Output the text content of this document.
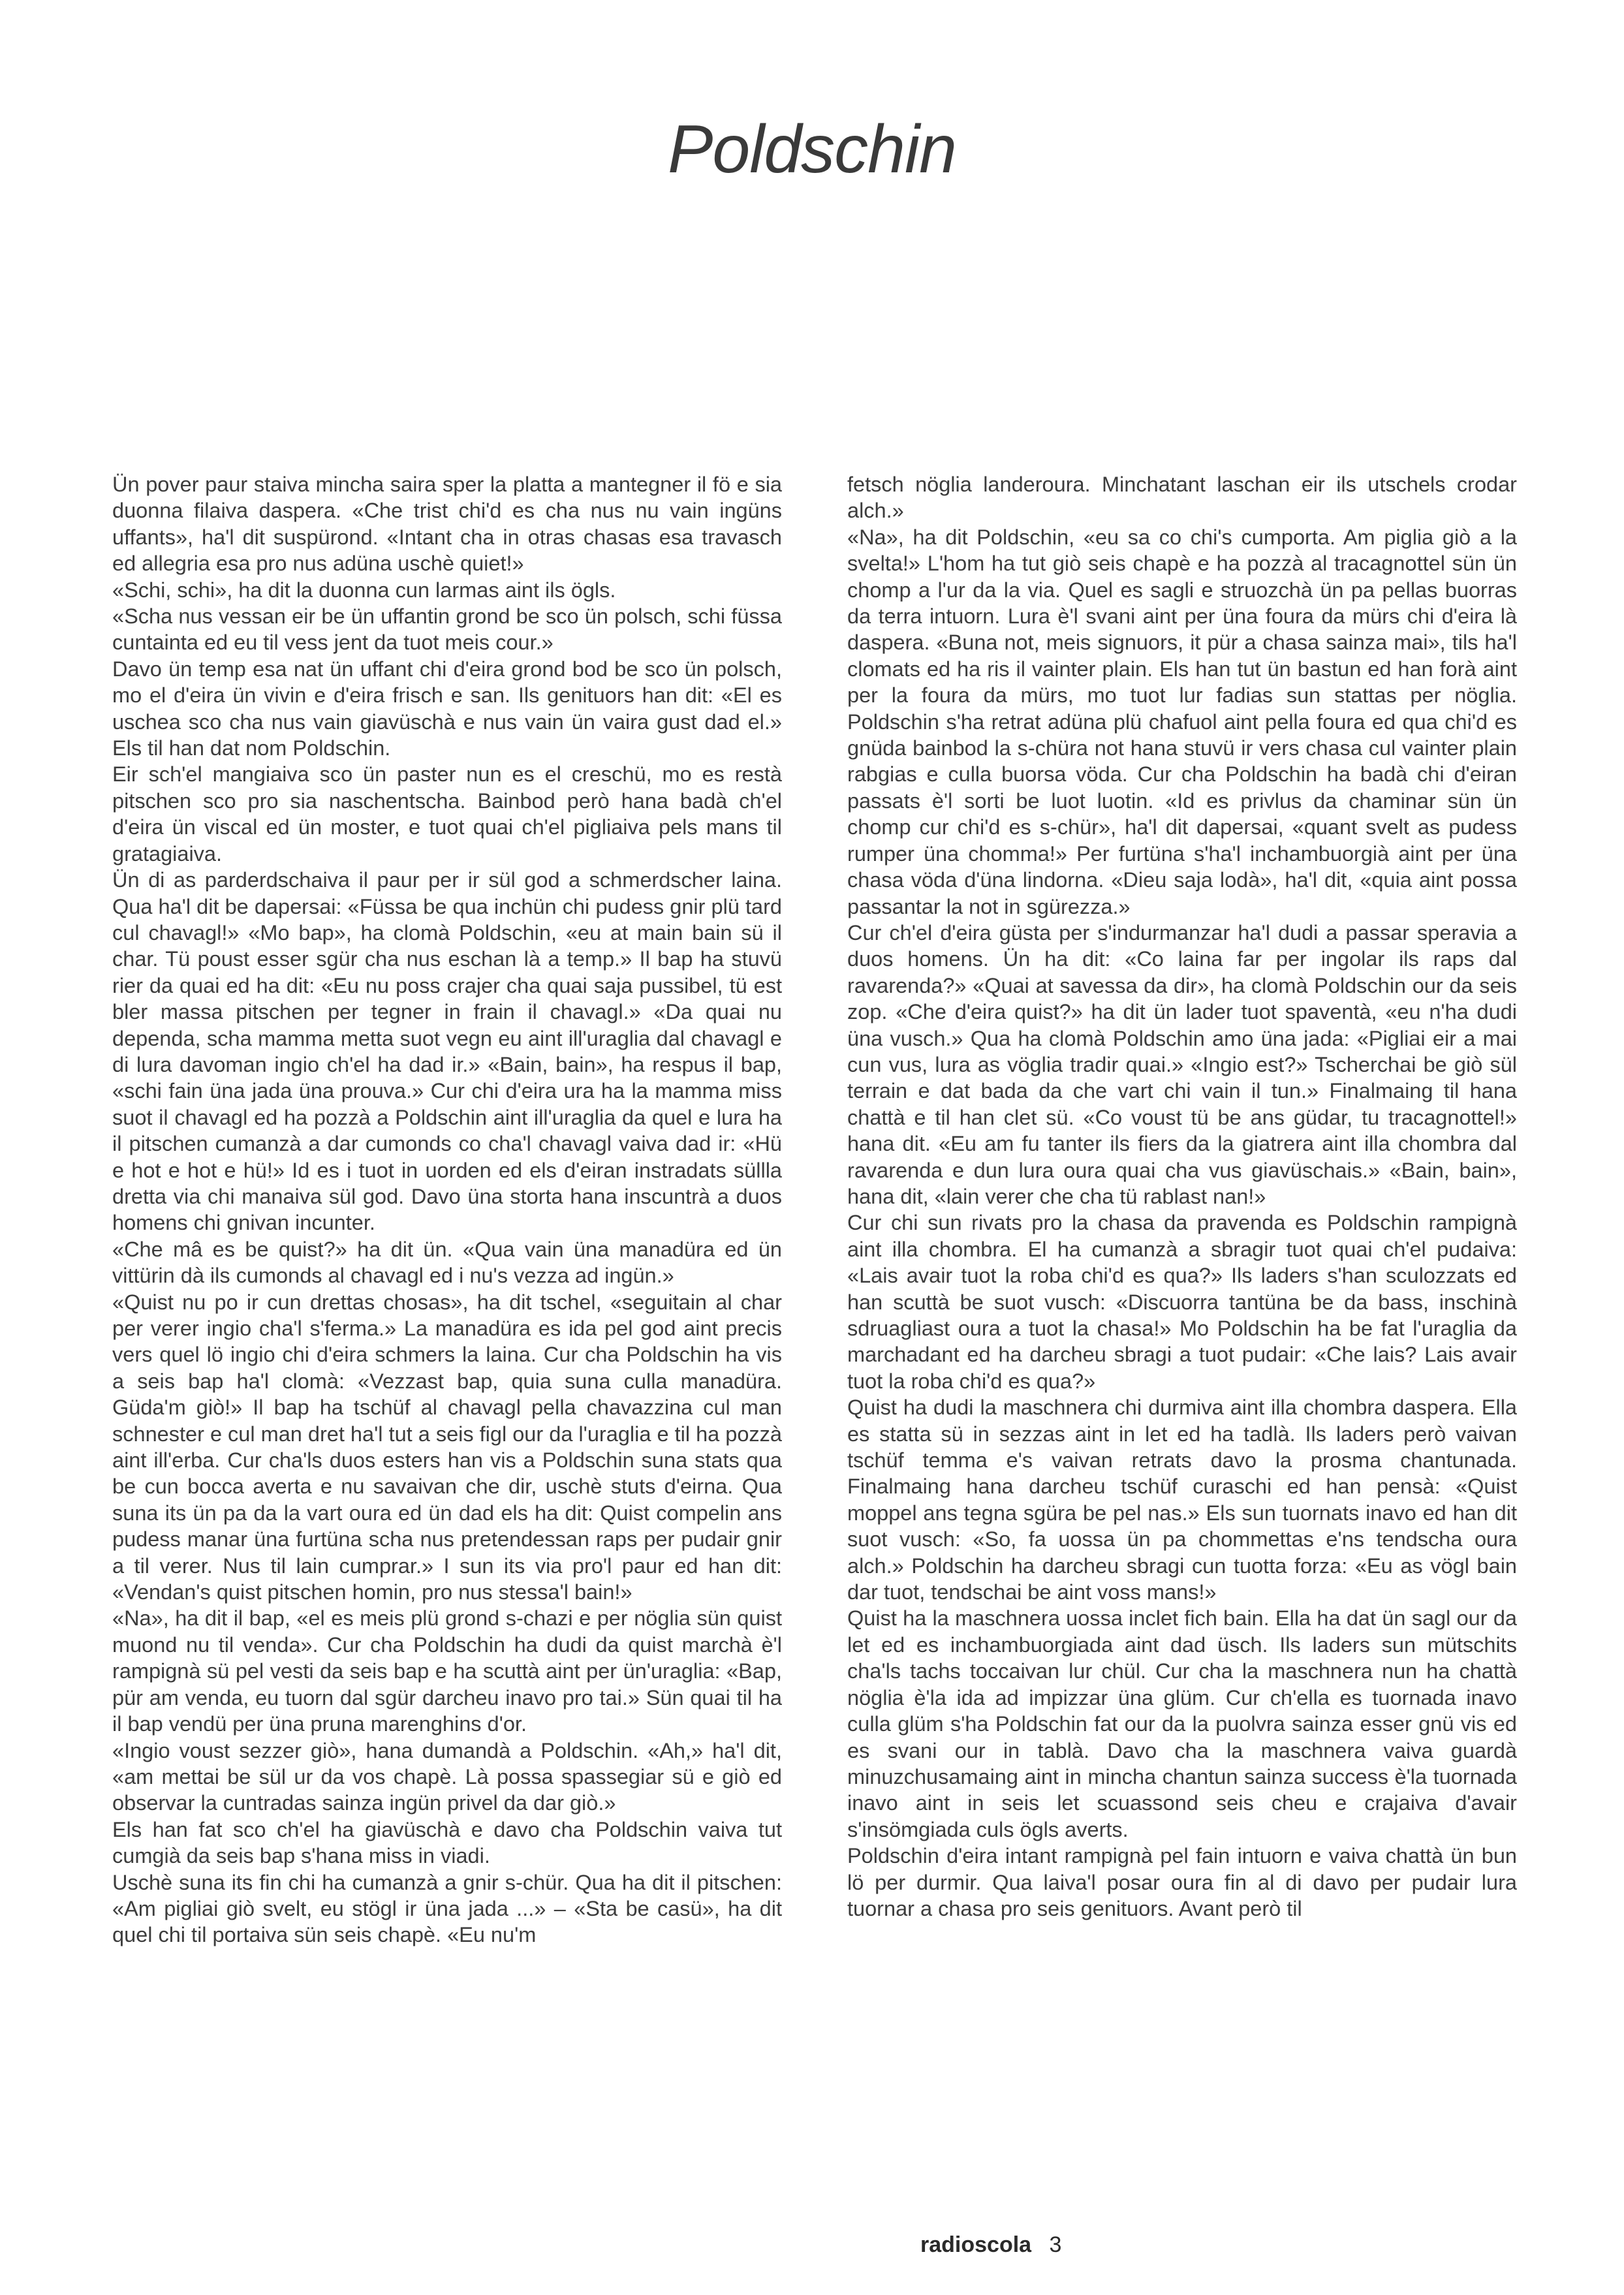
Poldschin

Ün pover paur staiva mincha saira sper la platta a mantegner il fö e sia duonna filaiva daspera. «Che trist chi'd es cha nus nu vain ingüns uffants», ha'l dit suspürond. «Intant cha in otras chasas esa travasch ed allegria esa pro nus adüna uschè quiet!»

«Schi, schi», ha dit la duonna cun larmas aint ils ögls.

«Scha nus vessan eir be ün uffantin grond be sco ün polsch, schi füssa cuntainta ed eu til vess jent da tuot meis cour.»

Davo ün temp esa nat ün uffant chi d'eira grond bod be sco ün polsch, mo el d'eira ün vivin e d'eira frisch e san. Ils genituors han dit: «El es uschea sco cha nus vain giavüschà e nus vain ün vaira gust dad el.» Els til han dat nom Poldschin.

Eir sch'el mangiaiva sco ün paster nun es el creschü, mo es restà pitschen sco pro sia naschentscha. Bainbod però hana badà ch'el d'eira ün viscal ed ün moster, e tuot quai ch'el pigliaiva pels mans til gratagiaiva.

Ün di as parderdschaiva il paur per ir sül god a schmerdscher laina. Qua ha'l dit be dapersai: «Füssa be qua inchün chi pudess gnir plü tard cul chavagl!» «Mo bap», ha clomà Poldschin, «eu at main bain sü il char. Tü poust esser sgür cha nus eschan là a temp.» Il bap ha stuvü rier da quai ed ha dit: «Eu nu poss crajer cha quai saja pussibel, tü est bler massa pitschen per tegner in frain il chavagl.» «Da quai nu dependa, scha mamma metta suot vegn eu aint ill'uraglia dal chavagl e di lura davoman ingio ch'el ha dad ir.» «Bain, bain», ha respus il bap, «schi fain üna jada üna prouva.» Cur chi d'eira ura ha la mamma miss suot il chavagl ed ha pozzà a Poldschin aint ill'uraglia da quel e lura ha il pitschen cumanzà a dar cumonds co cha'l chavagl vaiva dad ir: «Hü e hot e hot e hü!» Id es i tuot in uorden ed els d'eiran instradats süllla dretta via chi manaiva sül god. Davo üna storta hana inscuntrà a duos homens chi gnivan incunter.

«Che mâ es be quist?» ha dit ün. «Qua vain üna manadüra ed ün vittürin dà ils cumonds al chavagl ed i nu's vezza ad ingün.»

«Quist nu po ir cun drettas chosas», ha dit tschel, «seguitain al char per verer ingio cha'l s'ferma.» La manadüra es ida pel god aint precis vers quel lö ingio chi d'eira schmers la laina. Cur cha Poldschin ha vis a seis bap ha'l clomà: «Vezzast bap, quia suna culla manadüra. Güda'm giò!» Il bap ha tschüf al chavagl pella chavazzina cul man schnester e cul man dret ha'l tut a seis figl our da l'uraglia e til ha pozzà aint ill'erba. Cur cha'ls duos esters han vis a Poldschin suna stats qua be cun bocca averta e nu savaivan che dir, uschè stuts d'eirna. Qua suna its ün pa da la vart oura ed ün dad els ha dit: Quist compelin ans pudess manar üna furtüna scha nus pretendessan raps per pudair gnir a til verer. Nus til lain cumprar.» I sun its via pro'l paur ed han dit: «Vendan's quist pitschen homin, pro nus stessa'l bain!»

«Na», ha dit il bap, «el es meis plü grond s-chazi e per nöglia sün quist muond nu til venda». Cur cha Poldschin ha dudi da quist marchà è'l rampignà sü pel vesti da seis bap e ha scuttà aint per ün'uraglia: «Bap, pür am venda, eu tuorn dal sgür darcheu inavo pro tai.» Sün quai til ha il bap vendü per üna pruna marenghins d'or.

«Ingio voust sezzer giò», hana dumandà a Poldschin. «Ah,» ha'l dit, «am mettai be sül ur da vos chapè. Là possa spassegiar sü e giò ed observar la cuntradas sainza ingün privel da dar giò.»

Els han fat sco ch'el ha giavüschà e davo cha Poldschin vaiva tut cumgià da seis bap s'hana miss in viadi.

Uschè suna its fin chi ha cumanzà a gnir s-chür. Qua ha dit il pitschen: «Am pigliai giò svelt, eu stögl ir üna jada ...» – «Sta be casü», ha dit quel chi til portaiva sün seis chapè. «Eu nu'm

fetsch nöglia landeroura. Minchatant laschan eir ils utschels crodar alch.»

«Na», ha dit Poldschin, «eu sa co chi's cumporta. Am piglia giò a la svelta!» L'hom ha tut giò seis chapè e ha pozzà al tracagnottel sün ün chomp a l'ur da la via. Quel es sagli e struozchà ün pa pellas buorras da terra intuorn. Lura è'l svani aint per üna foura da mürs chi d'eira là daspera. «Buna not, meis signuors, it pür a chasa sainza mai», tils ha'l clomats ed ha ris il vainter plain. Els han tut ün bastun ed han forà aint per la foura da mürs, mo tuot lur fadias sun stattas per nöglia. Poldschin s'ha retrat adüna plü chafuol aint pella foura ed qua chi'd es gnüda bainbod la s-chüra not hana stuvü ir vers chasa cul vainter plain rabgias e culla buorsa vöda. Cur cha Poldschin ha badà chi d'eiran passats è'l sorti be luot luotin. «Id es privlus da chaminar sün ün chomp cur chi'd es s-chür», ha'l dit dapersai, «quant svelt as pudess rumper üna chomma!» Per furtüna s'ha'l inchambuorgià aint per üna chasa vöda d'üna lindorna. «Dieu saja lodà», ha'l dit, «quia aint possa passantar la not in sgürezza.»

Cur ch'el d'eira güsta per s'indurmanzar ha'l dudi a passar speravia a duos homens. Ün ha dit: «Co laina far per ingolar ils raps dal ravarenda?» «Quai at savessa da dir», ha clomà Poldschin our da seis zop. «Che d'eira quist?» ha dit ün lader tuot spaventà, «eu n'ha dudi üna vusch.» Qua ha clomà Poldschin amo üna jada: «Pigliai eir a mai cun vus, lura as vöglia tradir quai.» «Ingio est?» Tscherchai be giò sül terrain e dat bada da che vart chi vain il tun.» Finalmaing til hana chattà e til han clet sü. «Co voust tü be ans güdar, tu tracagnottel!» hana dit. «Eu am fu tanter ils fiers da la giatrera aint illa chombra dal ravarenda e dun lura oura quai cha vus giavüschais.» «Bain, bain», hana dit, «lain verer che cha tü rablast nan!»

Cur chi sun rivats pro la chasa da pravenda es Poldschin rampignà aint illa chombra. El ha cumanzà a sbragir tuot quai ch'el pudaiva: «Lais avair tuot la roba chi'd es qua?» Ils laders s'han sculozzats ed han scuttà be suot vusch: «Discuorra tantüna be da bass, inschinà sdruagliast oura a tuot la chasa!» Mo Poldschin ha be fat l'uraglia da marchadant ed ha darcheu sbragi a tuot pudair: «Che lais? Lais avair tuot la roba chi'd es qua?»

Quist ha dudi la maschnera chi durmiva aint illa chombra daspera. Ella es statta sü in sezzas aint in let ed ha tadlà. Ils laders però vaivan tschüf temma e's vaivan retrats davo la prosma chantunada. Finalmaing hana darcheu tschüf curaschi ed han pensà: «Quist moppel ans tegna sgüra be pel nas.» Els sun tuornats inavo ed han dit suot vusch: «So, fa uossa ün pa chommettas e'ns tendscha oura alch.» Poldschin ha darcheu sbragi cun tuotta forza: «Eu as vögl bain dar tuot, tendschai be aint voss mans!»

Quist ha la maschnera uossa inclet fich bain. Ella ha dat ün sagl our da let ed es inchambuorgiada aint dad üsch. Ils laders sun mütschits cha'ls tachs toccaivan lur chül. Cur cha la maschnera nun ha chattà nöglia è'la ida ad impizzar üna glüm. Cur ch'ella es tuornada inavo culla glüm s'ha Poldschin fat our da la puolvra sainza esser gnü vis ed es svani our in tablà. Davo cha la maschnera vaiva guardà minuzchusamaing aint in mincha chantun sainza success è'la tuornada inavo aint in seis let scuassond seis cheu e crajaiva d'avair s'insömgiada culs ögls averts.

Poldschin d'eira intant rampignà pel fain intuorn e vaiva chattà ün bun lö per durmir. Qua laiva'l posar oura fin al di davo per pudair lura tuornar a chasa pro seis genituors. Avant però til

radioscola 3
